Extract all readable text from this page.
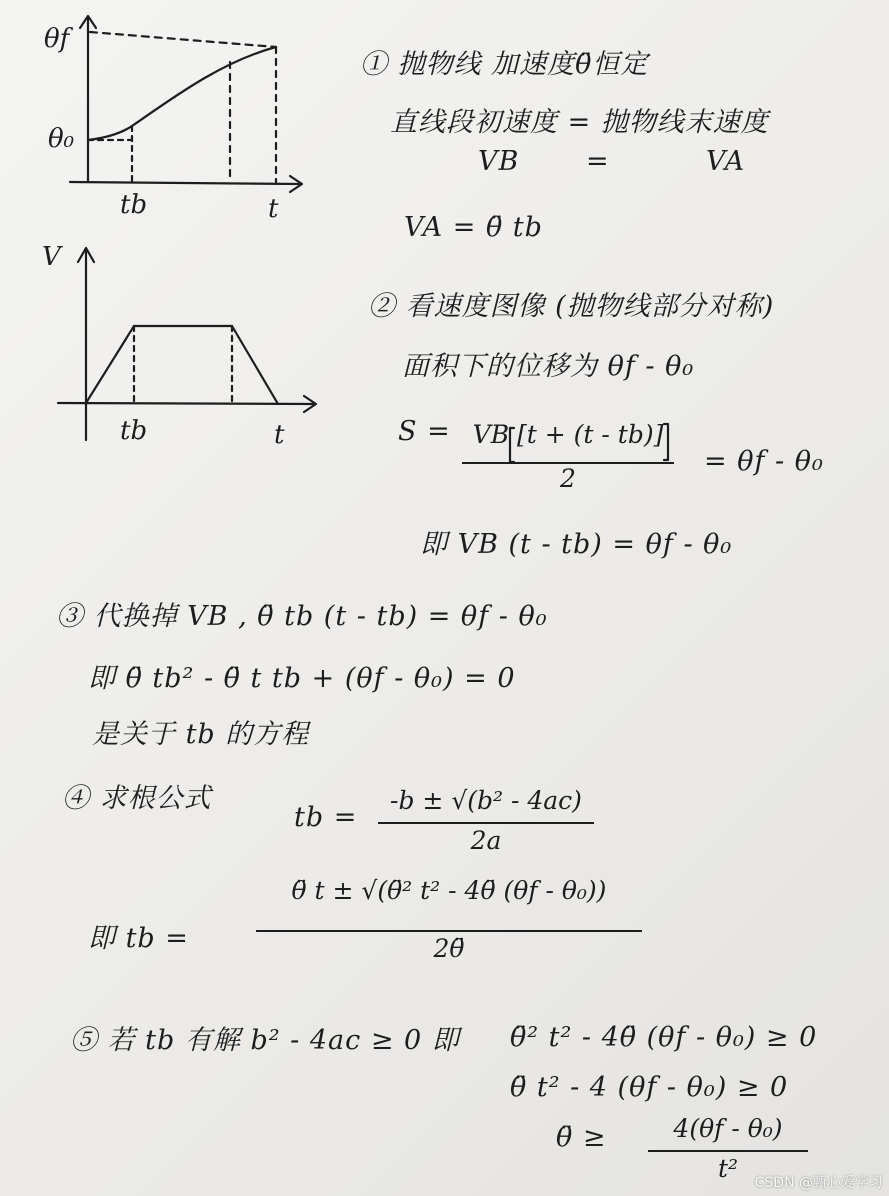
θf
θ₀
tb	t
V
tb	t
① 抛物线 加速度θ̈恒定
直线段初速度 = 抛物线末速度
VB =	VA
VA = θ̈ tb
② 看速度图像 (抛物线部分对称)
面积下的位移为 θf - θ₀
S = VB [t + (t - tb)]
2
= θf - θ₀
即 VB (t - tb) = θf - θ₀
③ 代换掉 VB , θ̈ tb (t - tb) = θf - θ₀
即 θ̈ tb² - θ̈ t tb + (θf - θ₀) = 0
是关于 tb 的方程
④ 求根公式
tb =
-b ± √(b² - 4ac)
2a
即 tb =
θ̈ t ± √(θ̈² t² - 4θ̈ (θf - θ₀))
2θ̈
⑤ 若 tb 有解 b² - 4ac ≥ 0 即 θ̈² t² - 4θ̈ (θf - θ₀) ≥ 0
θ̈ t² - 4 (θf - θ₀) ≥ 0
θ̈ ≥	4(θf - θ₀)
t²	CSDN @甄心爱学习
